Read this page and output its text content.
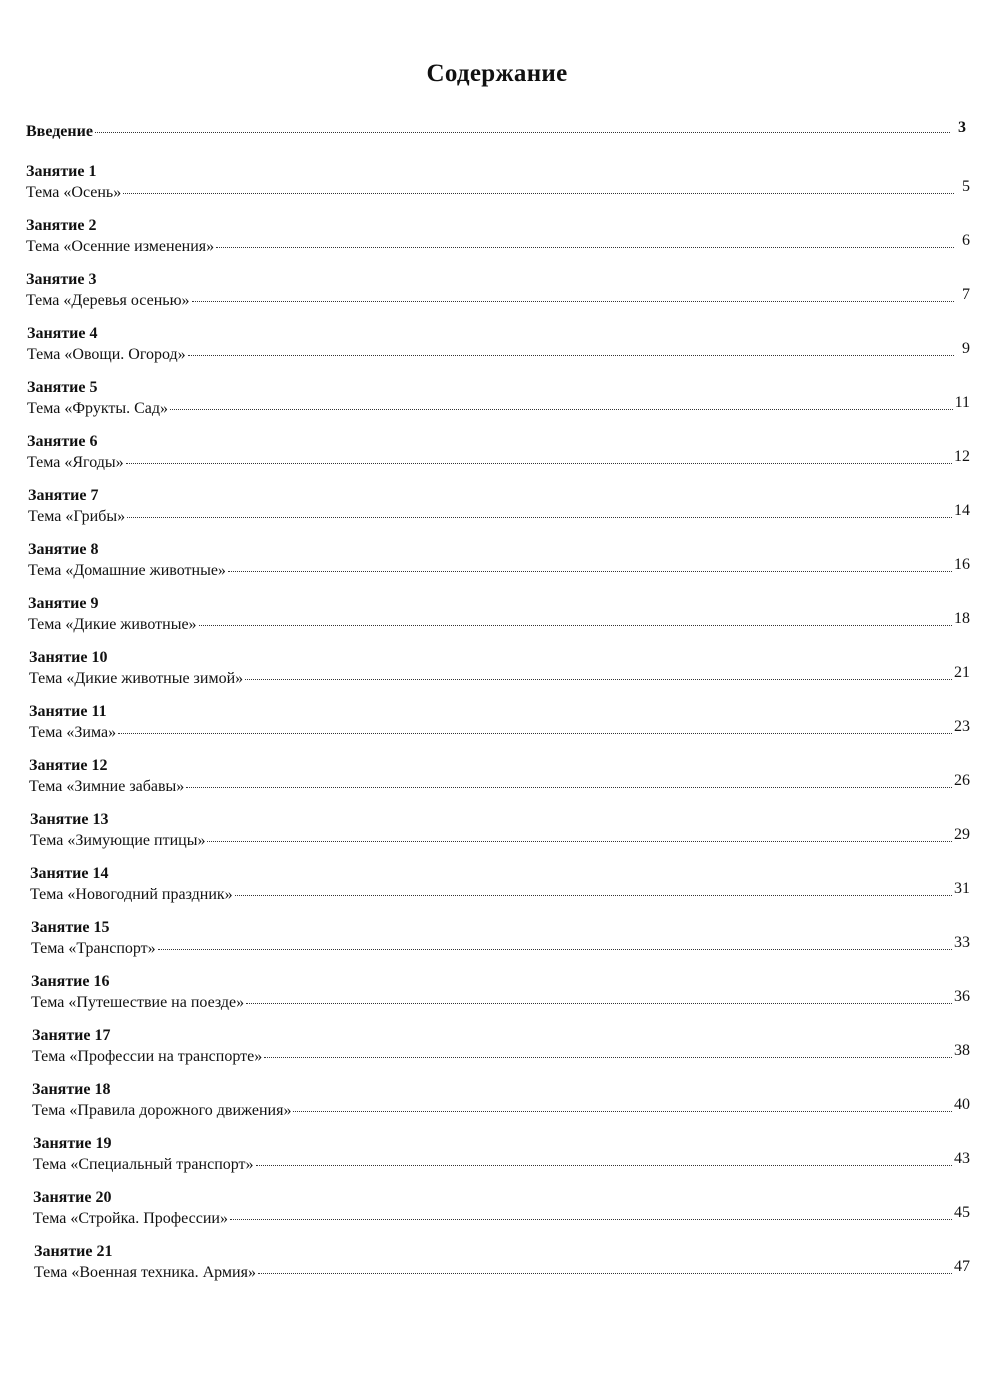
Содержание
Введение	3
Занятие 1
Тема «Осень»	5
Занятие 2
Тема «Осенние изменения»	6
Занятие 3
Тема «Деревья осенью»	7
Занятие 4
Тема «Овощи. Огород»	9
Занятие 5
Тема «Фрукты. Сад»	11
Занятие 6
Тема «Ягоды»	12
Занятие 7
Тема «Грибы»	14
Занятие 8
Тема «Домашние животные»	16
Занятие 9
Тема «Дикие животные»	18
Занятие 10
Тема «Дикие животные зимой»	21
Занятие 11
Тема «Зима»	23
Занятие 12
Тема «Зимние забавы»	26
Занятие 13
Тема «Зимующие птицы»	29
Занятие 14
Тема «Новогодний праздник»	31
Занятие 15
Тема «Транспорт»	33
Занятие 16
Тема «Путешествие на поезде»	36
Занятие 17
Тема «Профессии на транспорте»	38
Занятие 18
Тема «Правила дорожного движения»	40
Занятие 19
Тема «Специальный транспорт»	43
Занятие 20
Тема «Стройка. Профессии»	45
Занятие 21
Тема «Военная техника. Армия»	47
